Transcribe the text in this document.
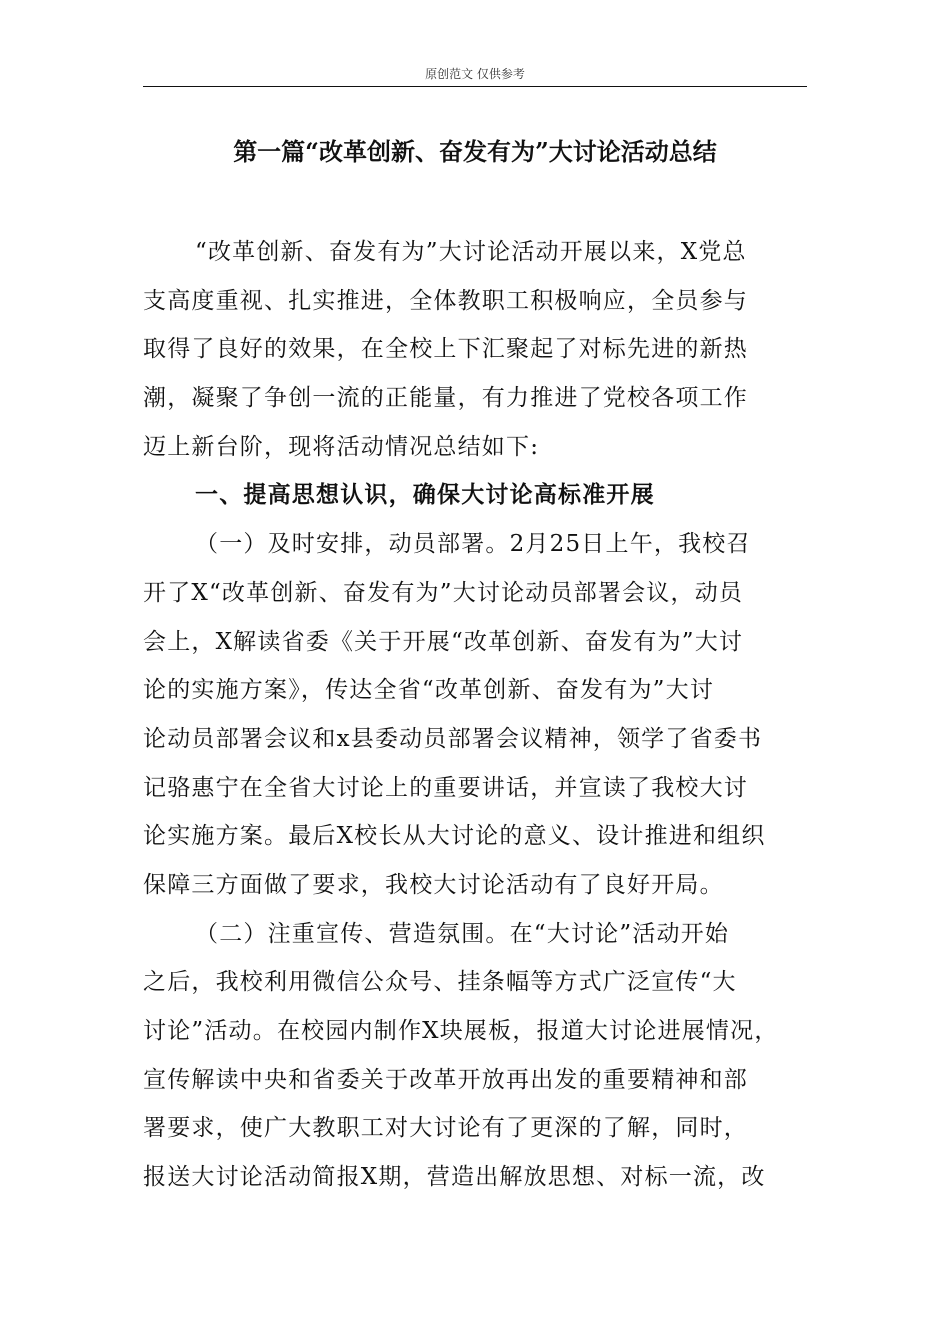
原创范文 仅供参考
第一篇“改革创新、奋发有为”大讨论活动总结

“改革创新、奋发有为”大讨论活动开展以来，X党总
支高度重视、扎实推进，全体教职工积极响应，全员参与
取得了良好的效果，在全校上下汇聚起了对标先进的新热
潮，凝聚了争创一流的正能量，有力推进了党校各项工作
迈上新台阶，现将活动情况总结如下:

一、提高思想认识，确保大讨论高标准开展

（一）及时安排，动员部署。2月25日上午，我校召
开了X“改革创新、奋发有为”大讨论动员部署会议，动员
会上，X解读省委《关于开展“改革创新、奋发有为”大讨
论的实施方案》，传达全省“改革创新、奋发有为”大讨
论动员部署会议和x县委动员部署会议精神，领学了省委书
记骆惠宁在全省大讨论上的重要讲话，并宣读了我校大讨
论实施方案。最后X校长从大讨论的意义、设计推进和组织
保障三方面做了要求，我校大讨论活动有了良好开局。

（二）注重宣传、营造氛围。在“大讨论”活动开始
之后，我校利用微信公众号、挂条幅等方式广泛宣传“大
讨论”活动。在校园内制作X块展板，报道大讨论进展情况，
宣传解读中央和省委关于改革开放再出发的重要精神和部
署要求，使广大教职工对大讨论有了更深的了解，同时，
报送大讨论活动简报X期，营造出解放思想、对标一流，改
